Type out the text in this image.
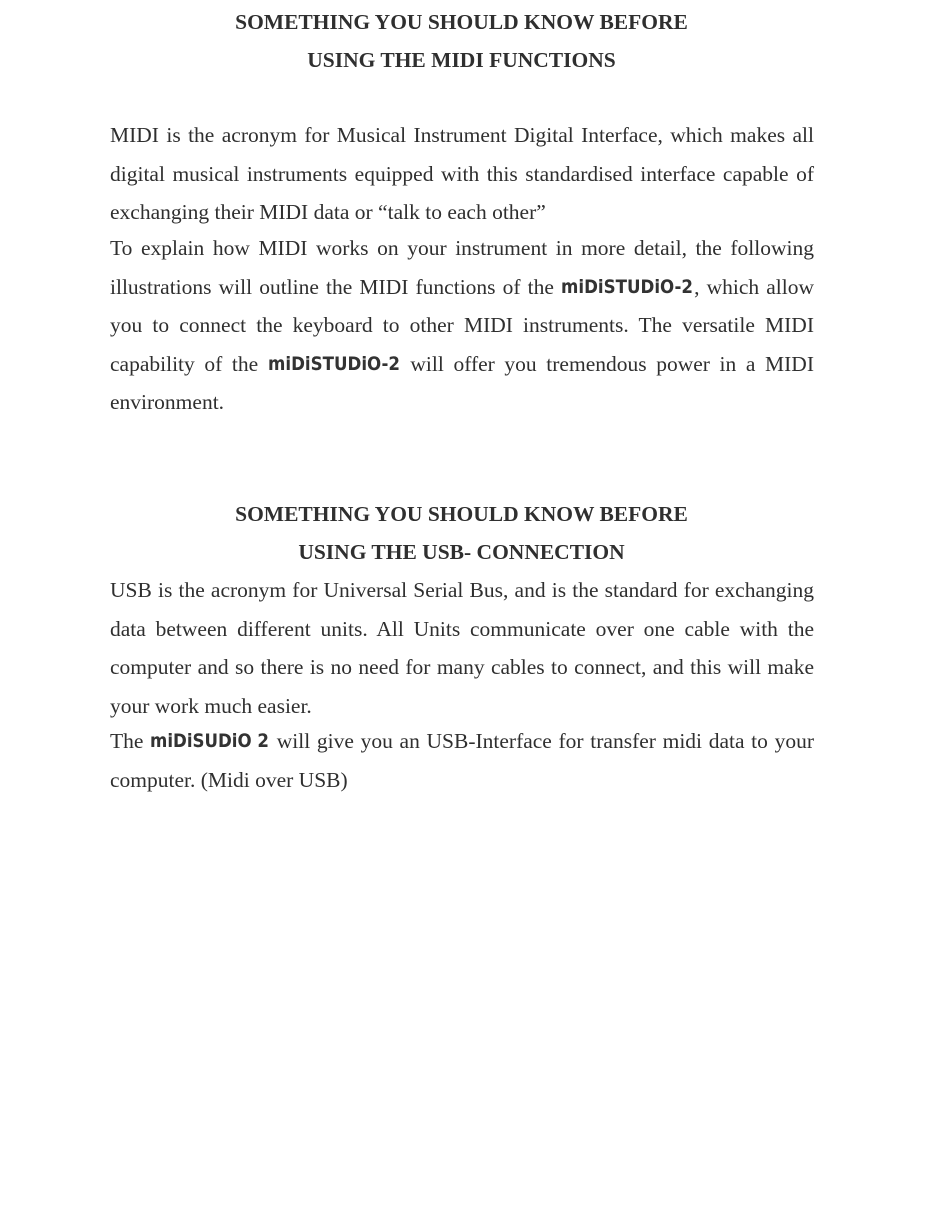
SOMETHING YOU SHOULD KNOW BEFORE
USING THE MIDI FUNCTIONS

MIDI is the acronym for Musical Instrument Digital Interface, which makes all digital musical instruments equipped with this standardised interface capable of exchanging their MIDI data or “talk to each other”

To explain how MIDI works on your instrument in more detail, the following illustrations will outline the MIDI functions of the miDiSTUDiO-2 , which allow you to connect the keyboard to other MIDI instruments. The versatile MIDI capability of the miDiSTUDiO-2 will offer you tremendous power in a MIDI environment.

SOMETHING YOU SHOULD KNOW BEFORE
USING THE USB- CONNECTION

USB is the acronym for Universal Serial Bus, and is the standard for exchanging data between different units. All Units communicate over one cable with the computer and so there is no need for many cables to connect, and this will make your work much easier.

The miDiSUDiO 2 will give you an USB-Interface for transfer midi data to your computer. (Midi over USB)
